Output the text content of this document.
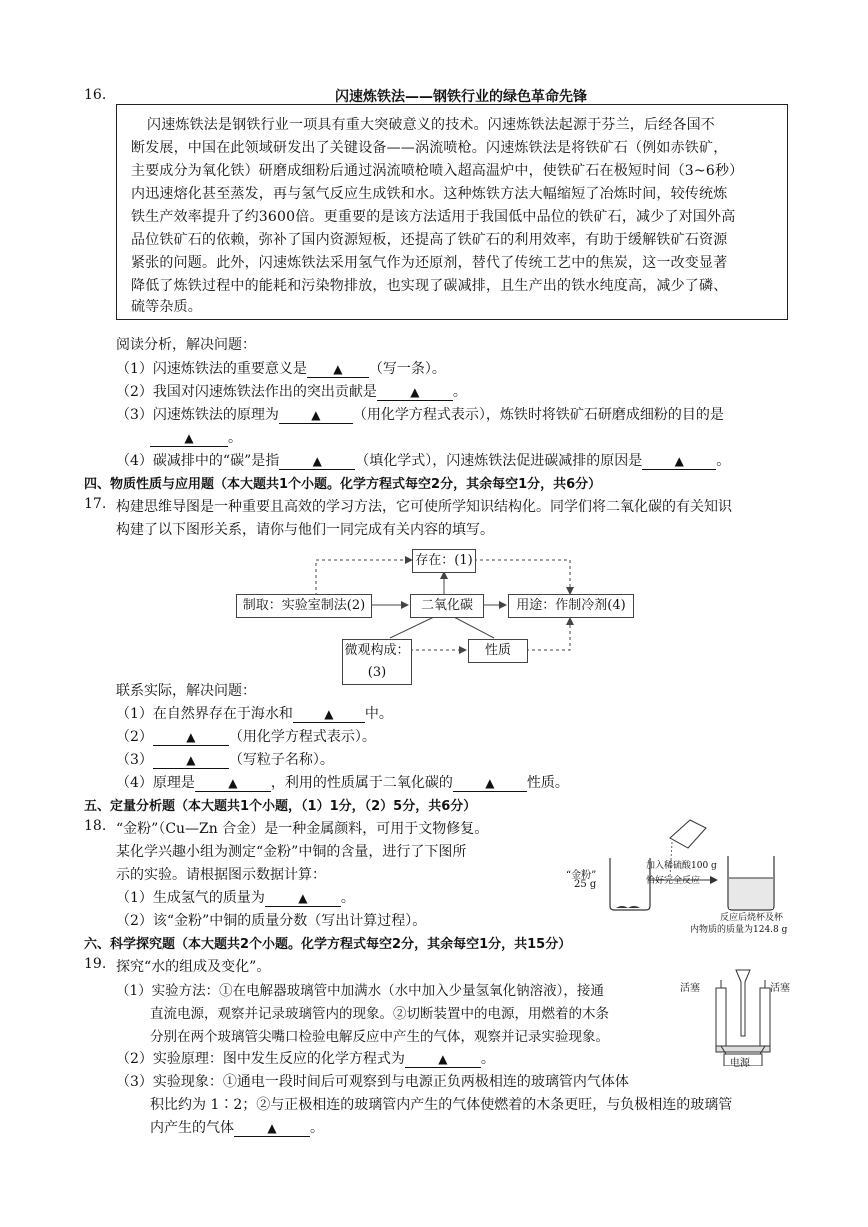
16.	闪速炼铁法——钢铁行业的绿色革命先锋
闪速炼铁法是钢铁行业一项具有重大突破意义的技术。闪速炼铁法起源于芬兰，后经各国不
断发展，中国在此领域研发出了关键设备——涡流喷枪。闪速炼铁法是将铁矿石（例如赤铁矿，
主要成分为氧化铁）研磨成细粉后通过涡流喷枪喷入超高温炉中，使铁矿石在极短时间（3~6秒）
内迅速熔化甚至蒸发，再与氢气反应生成铁和水。这种炼铁方法大幅缩短了冶炼时间，较传统炼
铁生产效率提升了约3600倍。更重要的是该方法适用于我国低中品位的铁矿石，减少了对国外高
品位铁矿石的依赖，弥补了国内资源短板，还提高了铁矿石的利用效率，有助于缓解铁矿石资源
紧张的问题。此外，闪速炼铁法采用氢气作为还原剂，替代了传统工艺中的焦炭，这一改变显著
降低了炼铁过程中的能耗和污染物排放，也实现了碳减排，且生产出的铁水纯度高，减少了磷、
硫等杂质。
阅读分析，解决问题：
（1）闪速炼铁法的重要意义是 ▲ （写一条）。
（2）我国对闪速炼铁法作出的突出贡献是	▲ 。
（3）闪速炼铁法的原理为	▲ （用化学方程式表示），炼铁时将铁矿石研磨成细粉的目的是
▲ 。
（4）碳减排中的“碳”是指	▲ （填化学式），闪速炼铁法促进碳减排的原因是	▲ 。
四、物质性质与应用题（本大题共1个小题。化学方程式每空2分，其余每空1分，共6分）
17. 构建思维导图是一种重要且高效的学习方法，它可使所学知识结构化。同学们将二氧化碳的有关知识
构建了以下图形关系，请你与他们一同完成有关内容的填写。
存在：(1)
制取：实验室制法(2)	二氧化碳	用途：作制冷剂(4)
微观构成：(3)
性质
联系实际，解决问题：
（1）在自然界存在于海水和	▲ 中。
（2）	▲ （用化学方程式表示）。
（3）	▲ （写粒子名称）。
（4）原理是	▲ ，利用的性质属于二氧化碳的	▲ 性质。
五、定量分析题（本大题共1个小题，（1）1分，（2）5分，共6分）
18. “金粉”（Cu—Zn 合金）是一种金属颜料，可用于文物修复。
某化学兴趣小组为测定“金粉”中铜的含量，进行了下图所
示的实验。请根据图示数据计算：
（1）生成氢气的质量为	▲ 。
（2）该“金粉”中铜的质量分数（写出计算过程）。
“金粉”
25 g
加入稀硫酸100 g
恰好完全反应
反应后烧杯及杯
内物质的质量为124.8 g
六、科学探究题（本大题共2个小题。化学方程式每空2分，其余每空1分，共15分）
19. 探究“水的组成及变化”。
（1）实验方法：①在电解器玻璃管中加满水（水中加入少量氢氧化钠溶液），接通
直流电源，观察并记录玻璃管内的现象。②切断装置中的电源，用燃着的木条
分别在两个玻璃管尖嘴口检验电解反应中产生的气体，观察并记录实验现象。
（2）实验原理：图中发生反应的化学方程式为	▲ 。
（3）实验现象：①通电一段时间后可观察到与电源正负两极相连的玻璃管内气体体
积比约为 1∶2；②与正极相连的玻璃管内产生的气体使燃着的木条更旺，与负极相连的玻璃管
内产生的气体	▲ 。
活塞	活塞
电源
